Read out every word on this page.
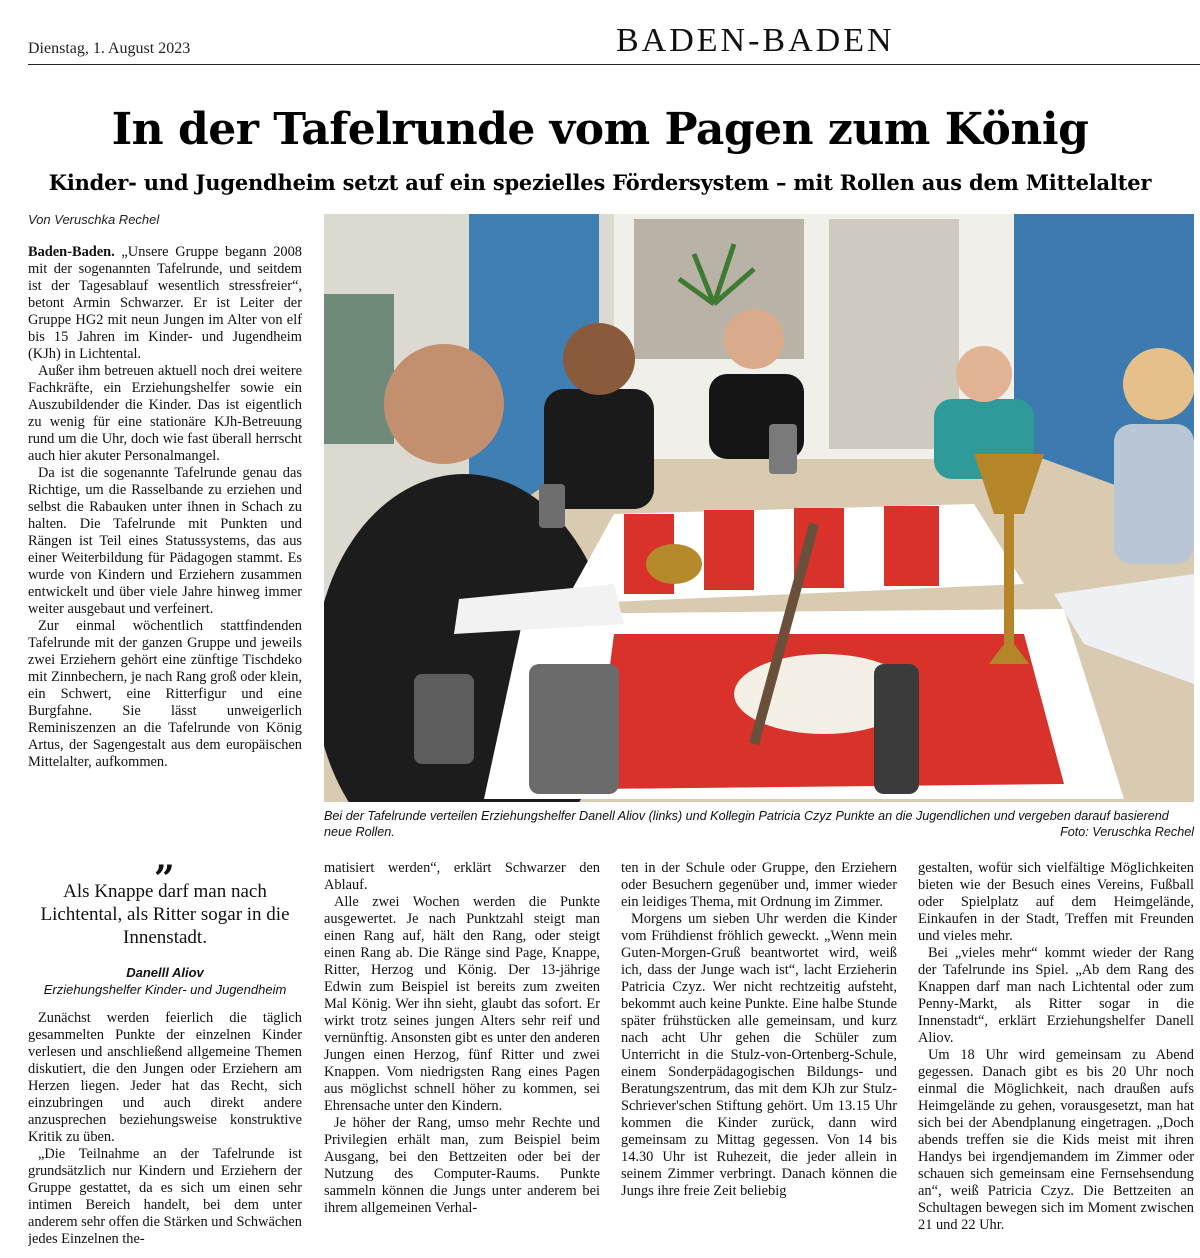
Dienstag, 1. August 2023	BADEN-BADEN
In der Tafelrunde vom Pagen zum König
Kinder- und Jugendheim setzt auf ein spezielles Fördersystem – mit Rollen aus dem Mittelalter
Von Veruschka Rechel

Baden-Baden. „Unsere Gruppe begann 2008 mit der sogenannten Tafelrunde, und seitdem ist der Tagesablauf wesentlich stressfreier“, betont Armin Schwarzer. Er ist Leiter der Gruppe HG2 mit neun Jungen im Alter von elf bis 15 Jahren im Kinder- und Jugendheim (KJh) in Lichtental.

Außer ihm betreuen aktuell noch drei weitere Fachkräfte, ein Erziehungshelfer sowie ein Auszubildender die Kinder. Das ist eigentlich zu wenig für eine stationäre KJh-Betreuung rund um die Uhr, doch wie fast überall herrscht auch hier akuter Personalmangel.

Da ist die sogenannte Tafelrunde genau das Richtige, um die Rasselbande zu erziehen und selbst die Rabauken unter ihnen in Schach zu halten. Die Tafelrunde mit Punkten und Rängen ist Teil eines Statussystems, das aus einer Weiterbildung für Pädagogen stammt. Es wurde von Kindern und Erziehern zusammen entwickelt und über viele Jahre hinweg immer weiter ausgebaut und verfeinert.

Zur einmal wöchentlich stattfindenden Tafelrunde mit der ganzen Gruppe und jeweils zwei Erziehern gehört eine zünftige Tischdeko mit Zinnbechern, je nach Rang groß oder klein, ein Schwert, eine Ritterfigur und eine Burgfahne. Sie lässt unweigerlich Reminiszenzen an die Tafelrunde von König Artus, der Sagengestalt aus dem europäischen Mittelalter, aufkommen.

„
Als Knappe darf man nach Lichtental, als Ritter sogar in die Innenstadt.
Danelll Aliov
Erziehungshelfer Kinder- und Jugendheim

Zunächst werden feierlich die täglich gesammelten Punkte der einzelnen Kinder verlesen und anschließend allgemeine Themen diskutiert, die den Jungen oder Erziehern am Herzen liegen. Jeder hat das Recht, sich einzubringen und auch direkt andere anzusprechen beziehungsweise konstruktive Kritik zu üben.

„Die Teilnahme an der Tafelrunde ist grundsätzlich nur Kindern und Erziehern der Gruppe gestattet, da es sich um einen sehr intimen Bereich handelt, bei dem unter anderem sehr offen die Stärken und Schwächen jedes Einzelnen the-

Bei der Tafelrunde verteilen Erziehungshelfer Danell Aliov (links) und Kollegin Patricia Czyz Punkte an die Jugendlichen und vergeben darauf basierend neue Rollen.	Foto: Veruschka Rechel

matisiert werden“, erklärt Schwarzer den Ablauf.

Alle zwei Wochen werden die Punkte ausgewertet. Je nach Punktzahl steigt man einen Rang auf, hält den Rang, oder steigt einen Rang ab. Die Ränge sind Page, Knappe, Ritter, Herzog und König. Der 13-jährige Edwin zum Beispiel ist bereits zum zweiten Mal König. Wer ihn sieht, glaubt das sofort. Er wirkt trotz seines jungen Alters sehr reif und vernünftig. Ansonsten gibt es unter den anderen Jungen einen Herzog, fünf Ritter und zwei Knappen. Vom niedrigsten Rang eines Pagen aus möglichst schnell höher zu kommen, sei Ehrensache unter den Kindern.

Je höher der Rang, umso mehr Rechte und Privilegien erhält man, zum Beispiel beim Ausgang, bei den Bettzeiten oder bei der Nutzung des Computer-Raums. Punkte sammeln können die Jungs unter anderem bei ihrem allgemeinen Verhal-

ten in der Schule oder Gruppe, den Erziehern oder Besuchern gegenüber und, immer wieder ein leidiges Thema, mit Ordnung im Zimmer.

Morgens um sieben Uhr werden die Kinder vom Frühdienst fröhlich geweckt. „Wenn mein Guten-Morgen-Gruß beantwortet wird, weiß ich, dass der Junge wach ist“, lacht Erzieherin Patricia Czyz. Wer nicht rechtzeitig aufsteht, bekommt auch keine Punkte. Eine halbe Stunde später frühstücken alle gemeinsam, und kurz nach acht Uhr gehen die Schüler zum Unterricht in die Stulz-von-Ortenberg-Schule, einem Sonderpädagogischen Bildungs- und Beratungszentrum, das mit dem KJh zur Stulz-Schriever'schen Stiftung gehört. Um 13.15 Uhr kommen die Kinder zurück, dann wird gemeinsam zu Mittag gegessen. Von 14 bis 14.30 Uhr ist Ruhezeit, die jeder allein in seinem Zimmer verbringt. Danach können die Jungs ihre freie Zeit beliebig

gestalten, wofür sich vielfältige Möglichkeiten bieten wie der Besuch eines Vereins, Fußball oder Spielplatz auf dem Heimgelände, Einkaufen in der Stadt, Treffen mit Freunden und vieles mehr.

Bei „vieles mehr“ kommt wieder der Rang der Tafelrunde ins Spiel. „Ab dem Rang des Knappen darf man nach Lichtental oder zum Penny-Markt, als Ritter sogar in die Innenstadt“, erklärt Erziehungshelfer Danell Aliov.

Um 18 Uhr wird gemeinsam zu Abend gegessen. Danach gibt es bis 20 Uhr noch einmal die Möglichkeit, nach draußen aufs Heimgelände zu gehen, vorausgesetzt, man hat sich bei der Abendplanung eingetragen. „Doch abends treffen sie die Kids meist mit ihren Handys bei irgendjemandem im Zimmer oder schauen sich gemeinsam eine Fernsehsendung an“, weiß Patricia Czyz. Die Bettzeiten an Schultagen bewegen sich im Moment zwischen 21 und 22 Uhr.
